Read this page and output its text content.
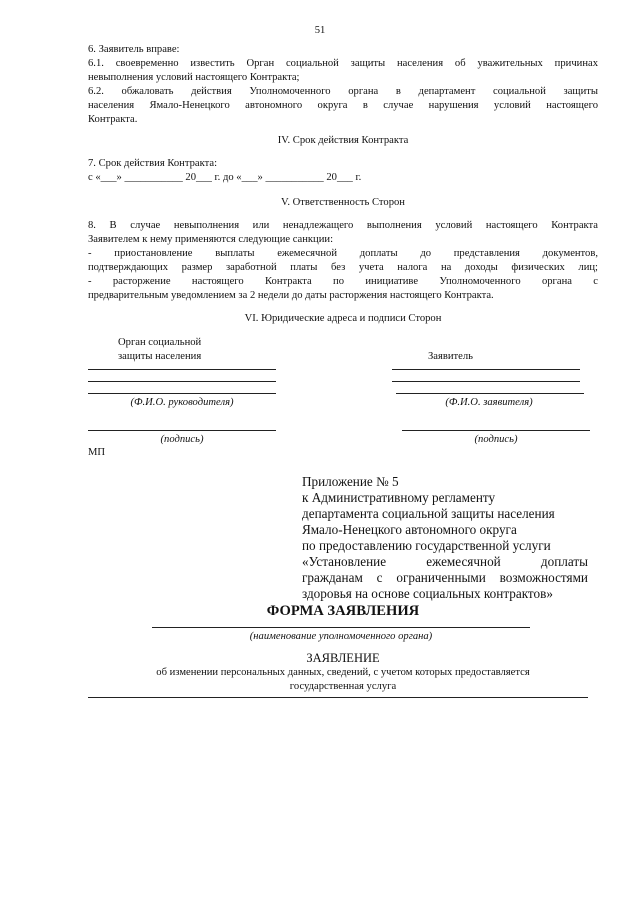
51
6. Заявитель вправе:
6.1. своевременно известить Орган социальной защиты населения об уважительных причинах
невыполнения условий настоящего Контракта;
6.2. обжаловать действия Уполномоченного органа в департамент социальной защиты
населения Ямало-Ненецкого автономного округа в случае нарушения условий настоящего
Контракта.
IV. Срок действия Контракта
7. Срок действия Контракта:
с «___» ___________ 20___ г. до «___» ___________ 20___ г.
V. Ответственность Сторон
8. В случае невыполнения или ненадлежащего выполнения условий настоящего Контракта
Заявителем к нему применяются следующие санкции:
- приостановление выплаты ежемесячной доплаты до представления документов,
подтверждающих размер заработной платы без учета налога на доходы физических лиц;
- расторжение настоящего Контракта по инициативе Уполномоченного органа с
предварительным уведомлением за 2 недели до даты расторжения настоящего Контракта.
VI. Юридические адреса и подписи Сторон
Орган социальной
защиты населения	Заявитель
(Ф.И.О. руководителя)	(Ф.И.О. заявителя)
(подпись)	(подпись)
МП
Приложение № 5
к Административному регламенту
департамента социальной защиты населения
Ямало-Ненецкого автономного округа
по предоставлению государственной услуги
«Установление ежемесячной доплаты
гражданам с ограниченными возможностями
здоровья на основе социальных контрактов»
ФОРМА ЗАЯВЛЕНИЯ
(наименование уполномоченного органа)
ЗАЯВЛЕНИЕ
об изменении персональных данных, сведений, с учетом которых предоставляется
государственная услуга
